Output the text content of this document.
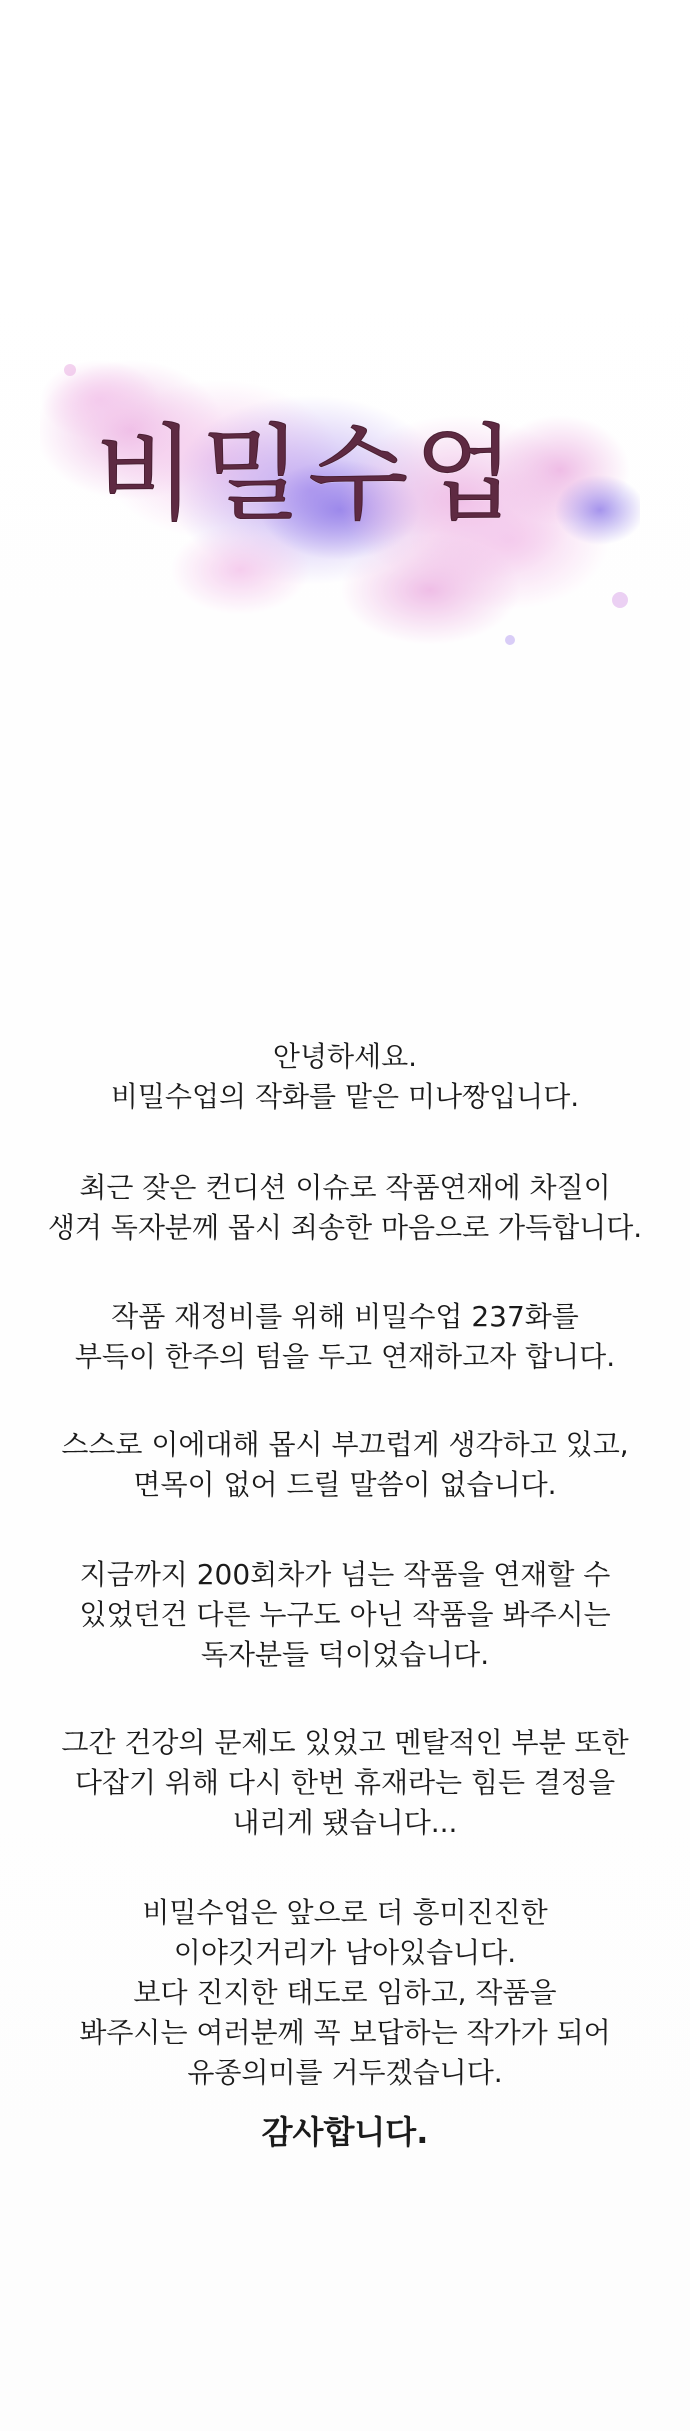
비밀수업
안녕하세요.
비밀수업의 작화를 맡은 미나짱입니다.
최근 잦은 컨디션 이슈로 작품연재에 차질이
생겨 독자분께 몹시 죄송한 마음으로 가득합니다.
작품 재정비를 위해 비밀수업 237화를
부득이 한주의 텀을 두고 연재하고자 합니다.
스스로 이에대해 몹시 부끄럽게 생각하고 있고,
면목이 없어 드릴 말씀이 없습니다.
지금까지 200회차가 넘는 작품을 연재할 수
있었던건 다른 누구도 아닌 작품을 봐주시는
독자분들 덕이었습니다.
그간 건강의 문제도 있었고 멘탈적인 부분 또한
다잡기 위해 다시 한번 휴재라는 힘든 결정을
내리게 됐습니다...
비밀수업은 앞으로 더 흥미진진한
이야깃거리가 남아있습니다.
보다 진지한 태도로 임하고, 작품을
봐주시는 여러분께 꼭 보답하는 작가가 되어
유종의미를 거두겠습니다.
감사합니다.
